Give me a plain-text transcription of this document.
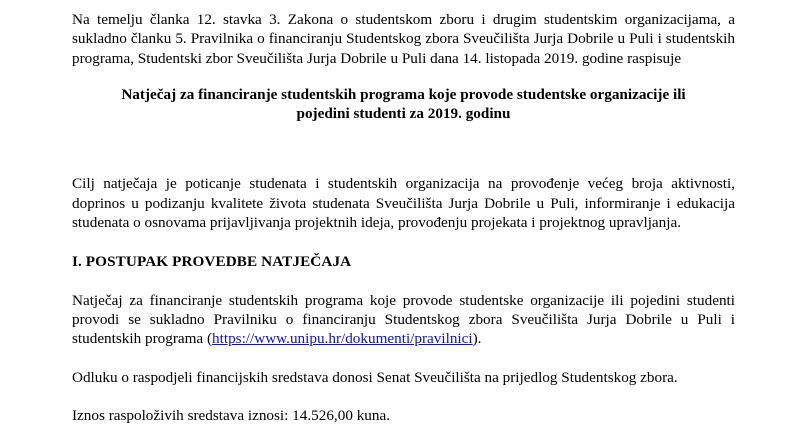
Na temelju članka 12. stavka 3. Zakona o studentskom zboru i drugim studentskim organizacijama, a sukladno članku 5. Pravilnika o financiranju Studentskog zbora Sveučilišta Jurja Dobrile u Puli i studentskih programa, Studentski zbor Sveučilišta Jurja Dobrile u Puli dana 14. listopada 2019. godine raspisuje

Natječaj za financiranje studentskih programa koje provode studentske organizacije ili pojedini studenti za 2019. godinu

Cilj natječaja je poticanje studenata i studentskih organizacija na provođenje većeg broja aktivnosti, doprinos u podizanju kvalitete života studenata Sveučilišta Jurja Dobrile u Puli, informiranje i edukacija studenata o osnovama prijavljivanja projektnih ideja, provođenju projekata i projektnog upravljanja.

I. POSTUPAK PROVEDBE NATJEČAJA

Natječaj za financiranje studentskih programa koje provode studentske organizacije ili pojedini studenti provodi se sukladno Pravilniku o financiranju Studentskog zbora Sveučilišta Jurja Dobrile u Puli i studentskih programa (https://www.unipu.hr/dokumenti/pravilnici).

Odluku o raspodjeli financijskih sredstava donosi Senat Sveučilišta na prijedlog Studentskog zbora.

Iznos raspoloživih sredstava iznosi: 14.526,00 kuna.
